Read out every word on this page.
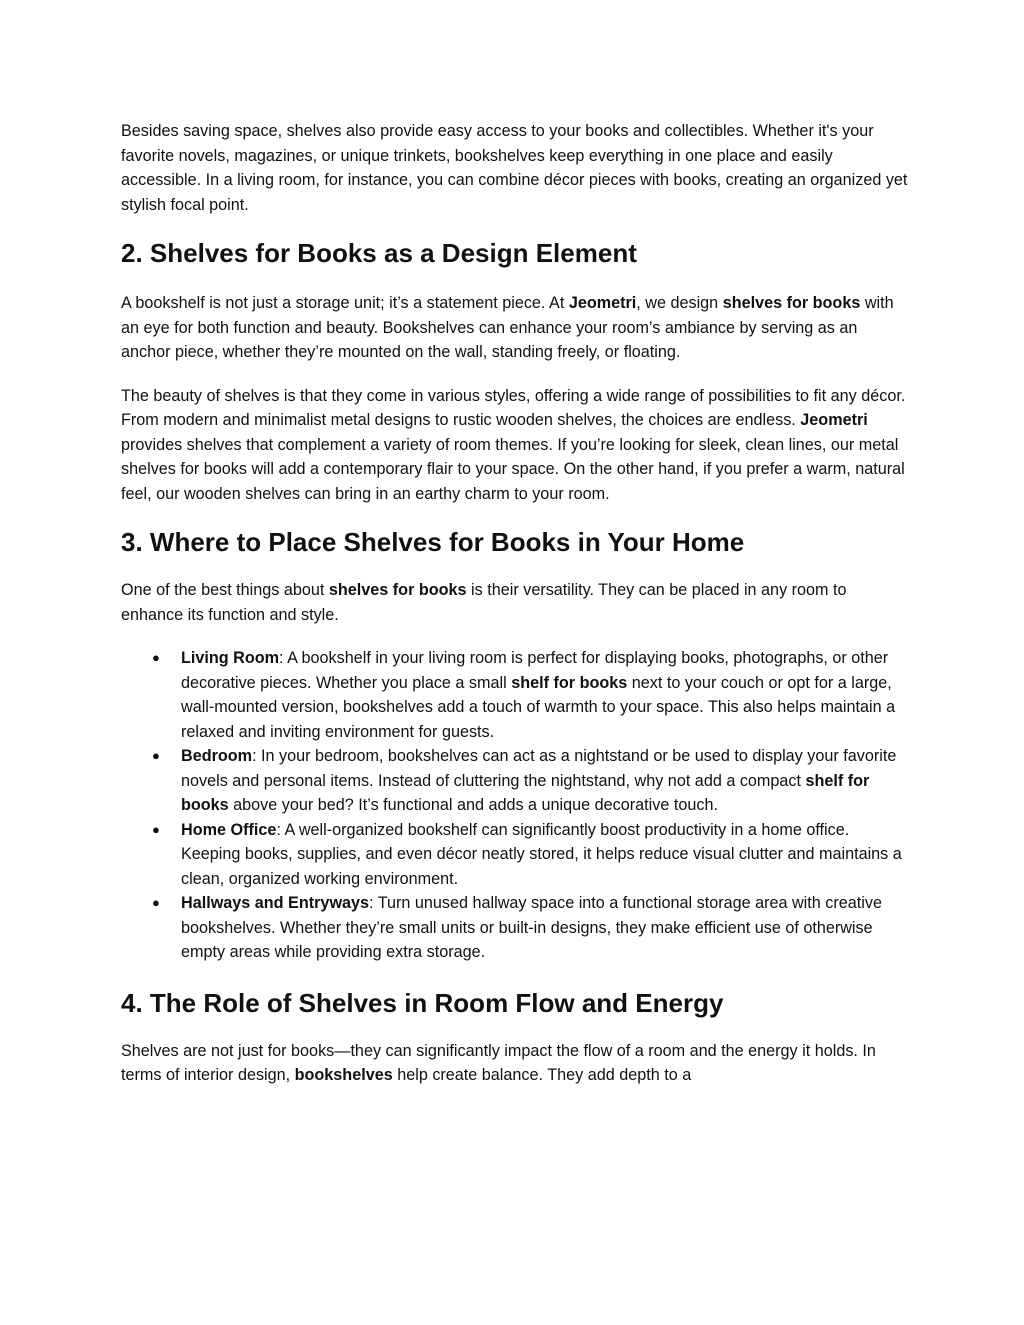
Besides saving space, shelves also provide easy access to your books and collectibles. Whether it's your favorite novels, magazines, or unique trinkets, bookshelves keep everything in one place and easily accessible. In a living room, for instance, you can combine décor pieces with books, creating an organized yet stylish focal point.

2. Shelves for Books as a Design Element

A bookshelf is not just a storage unit; it’s a statement piece. At Jeometri, we design shelves for books with an eye for both function and beauty. Bookshelves can enhance your room’s ambiance by serving as an anchor piece, whether they’re mounted on the wall, standing freely, or floating.

The beauty of shelves is that they come in various styles, offering a wide range of possibilities to fit any décor. From modern and minimalist metal designs to rustic wooden shelves, the choices are endless. Jeometri provides shelves that complement a variety of room themes. If you’re looking for sleek, clean lines, our metal shelves for books will add a contemporary flair to your space. On the other hand, if you prefer a warm, natural feel, our wooden shelves can bring in an earthy charm to your room.

3. Where to Place Shelves for Books in Your Home

One of the best things about shelves for books is their versatility. They can be placed in any room to enhance its function and style.

● Living Room: A bookshelf in your living room is perfect for displaying books, photographs, or other decorative pieces. Whether you place a small shelf for books next to your couch or opt for a large, wall-mounted version, bookshelves add a touch of warmth to your space. This also helps maintain a relaxed and inviting environment for guests.
● Bedroom: In your bedroom, bookshelves can act as a nightstand or be used to display your favorite novels and personal items. Instead of cluttering the nightstand, why not add a compact shelf for books above your bed? It’s functional and adds a unique decorative touch.
● Home Office: A well-organized bookshelf can significantly boost productivity in a home office. Keeping books, supplies, and even décor neatly stored, it helps reduce visual clutter and maintains a clean, organized working environment.
● Hallways and Entryways: Turn unused hallway space into a functional storage area with creative bookshelves. Whether they’re small units or built-in designs, they make efficient use of otherwise empty areas while providing extra storage.
4. The Role of Shelves in Room Flow and Energy

Shelves are not just for books—they can significantly impact the flow of a room and the energy it holds. In terms of interior design, bookshelves help create balance. They add depth to a
